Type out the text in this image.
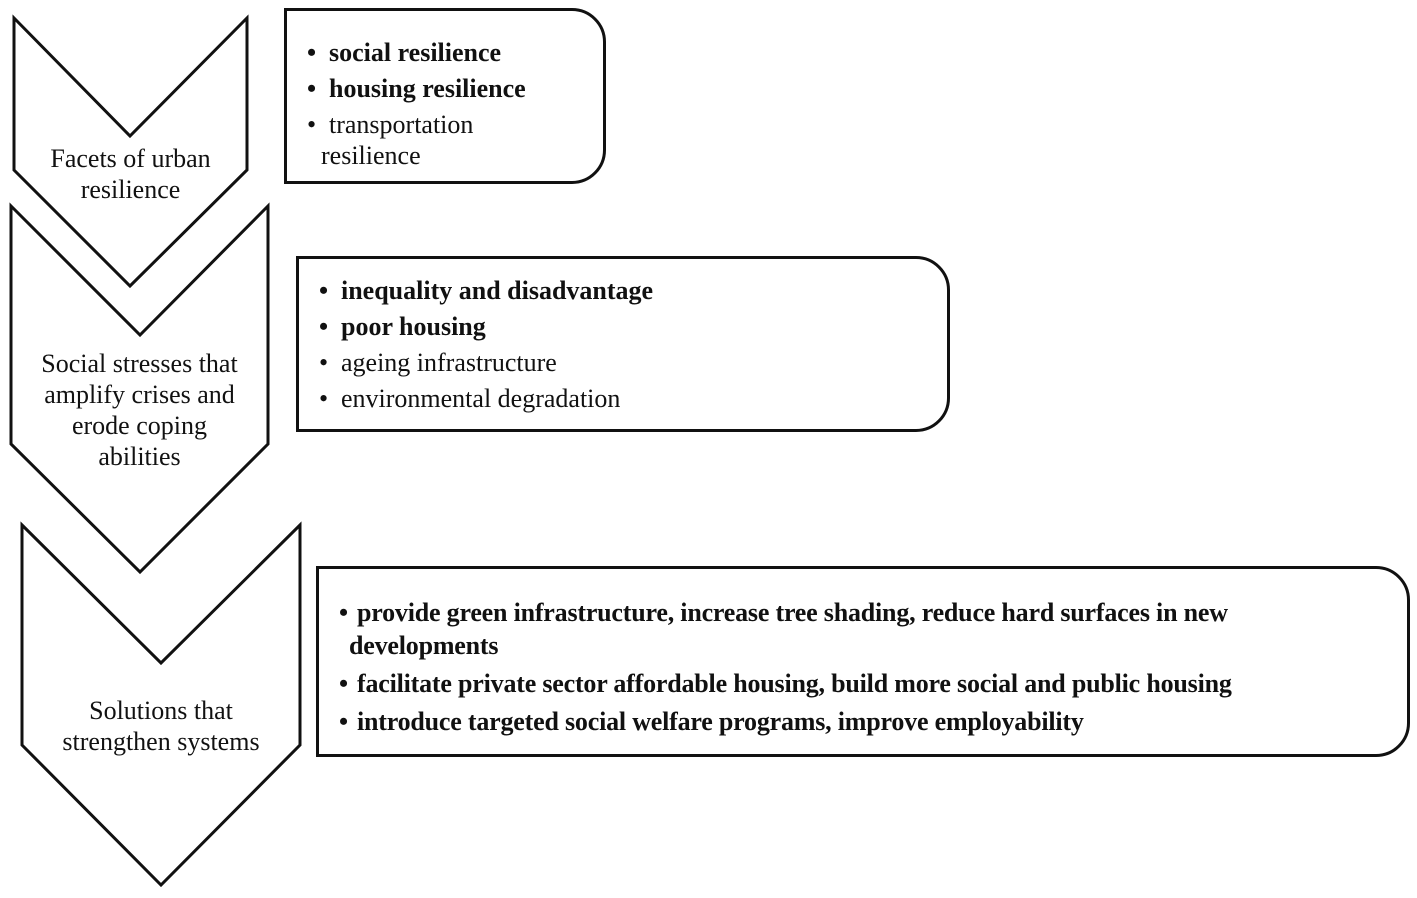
Facets of urban
resilience
Social stresses that
amplify crises and
erode coping
abilities
Solutions that
strengthen systems
• social resilience
• housing resilience
• transportation
resilience
• inequality and disadvantage
• poor housing
• ageing infrastructure
• environmental degradation
• provide green infrastructure, increase tree shading, reduce hard surfaces in new
developments
• facilitate private sector affordable housing, build more social and public housing
• introduce targeted social welfare programs, improve employability
